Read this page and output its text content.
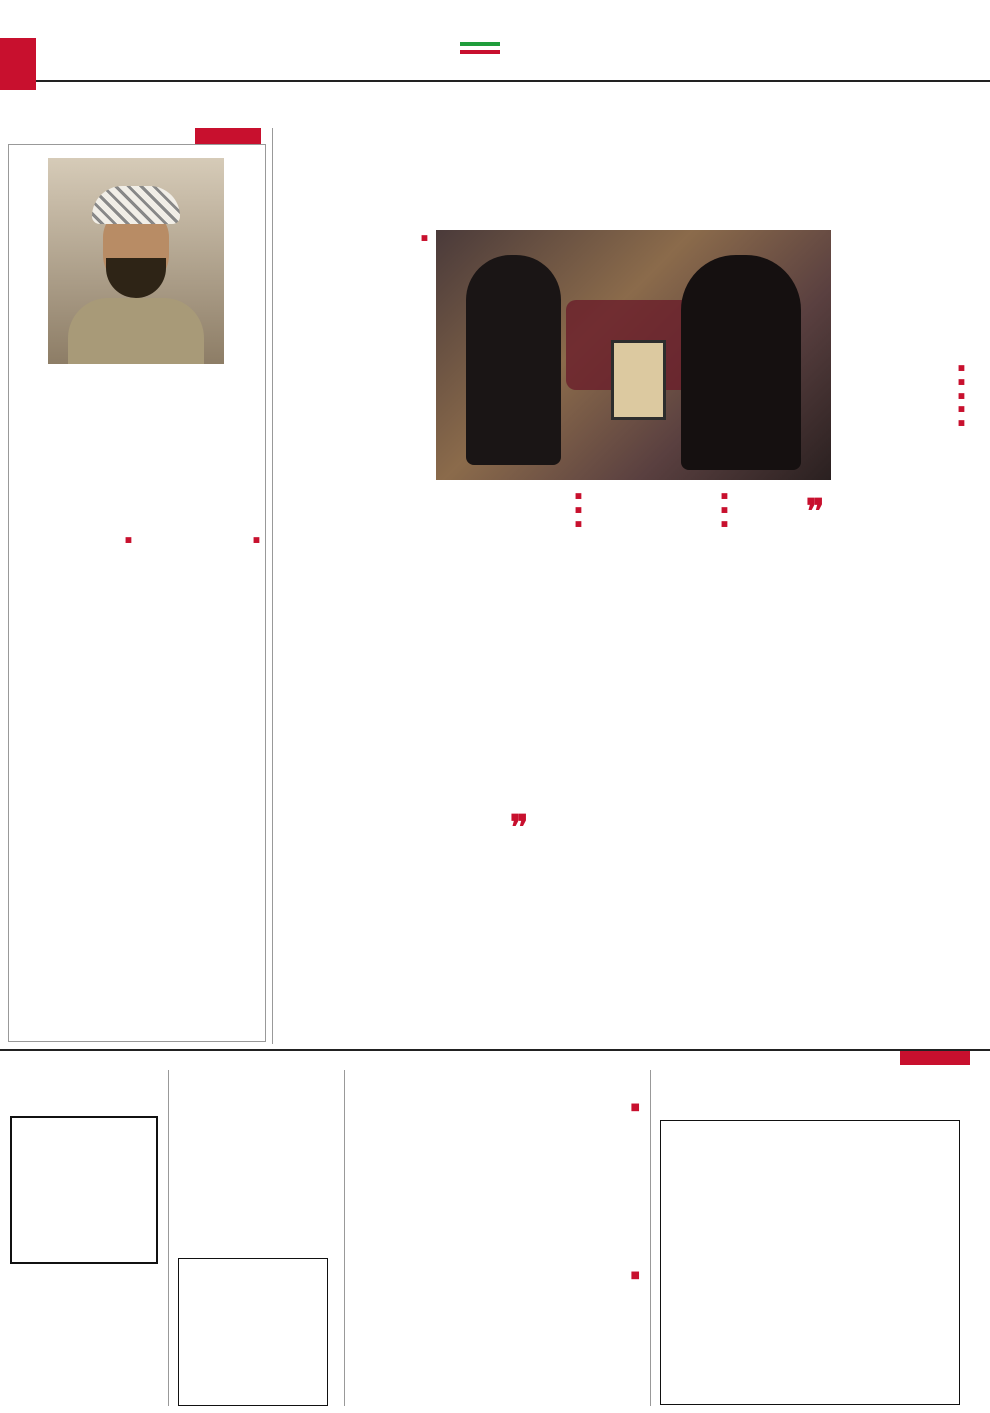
■
■
■
■
■
❞
■
■
■
■
■
■
■
❞
■
■
■
■
